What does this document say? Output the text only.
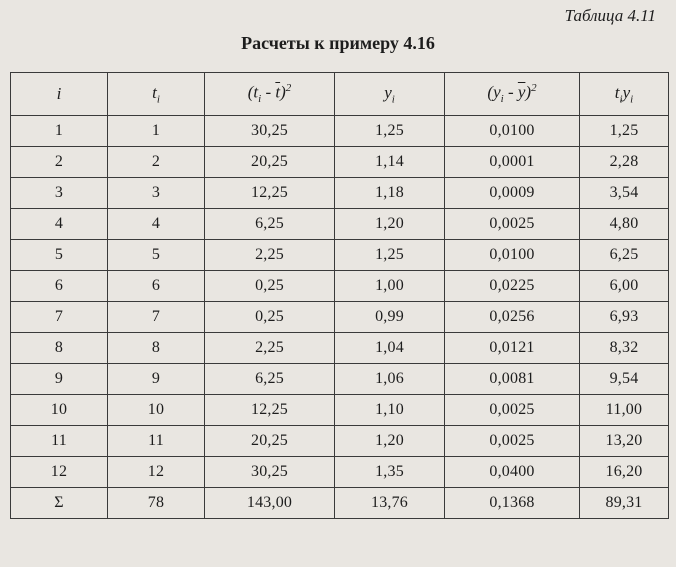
Таблица 4.11
Расчеты к примеру 4.16
i	$t_i$	$(t_i - \overline{t})^2$	$y_i$	$(y_i - \overline{y})^2$	$t_iy_i$
1	1	30,25	1,25	0,0100	1,25
2	2	20,25	1,14	0,0001	2,28
3	3	12,25	1,18	0,0009	3,54
4	4	6,25	1,20	0,0025	4,80
5	5	2,25	1,25	0,0100	6,25
6	6	0,25	1,00	0,0225	6,00
7	7	0,25	0,99	0,0256	6,93
8	8	2,25	1,04	0,0121	8,32
9	9	6,25	1,06	0,0081	9,54
10	10	12,25	1,10	0,0025	11,00
11	11	20,25	1,20	0,0025	13,20
12	12	30,25	1,35	0,0400	16,20
Σ	78	143,00	13,76	0,1368	89,31
